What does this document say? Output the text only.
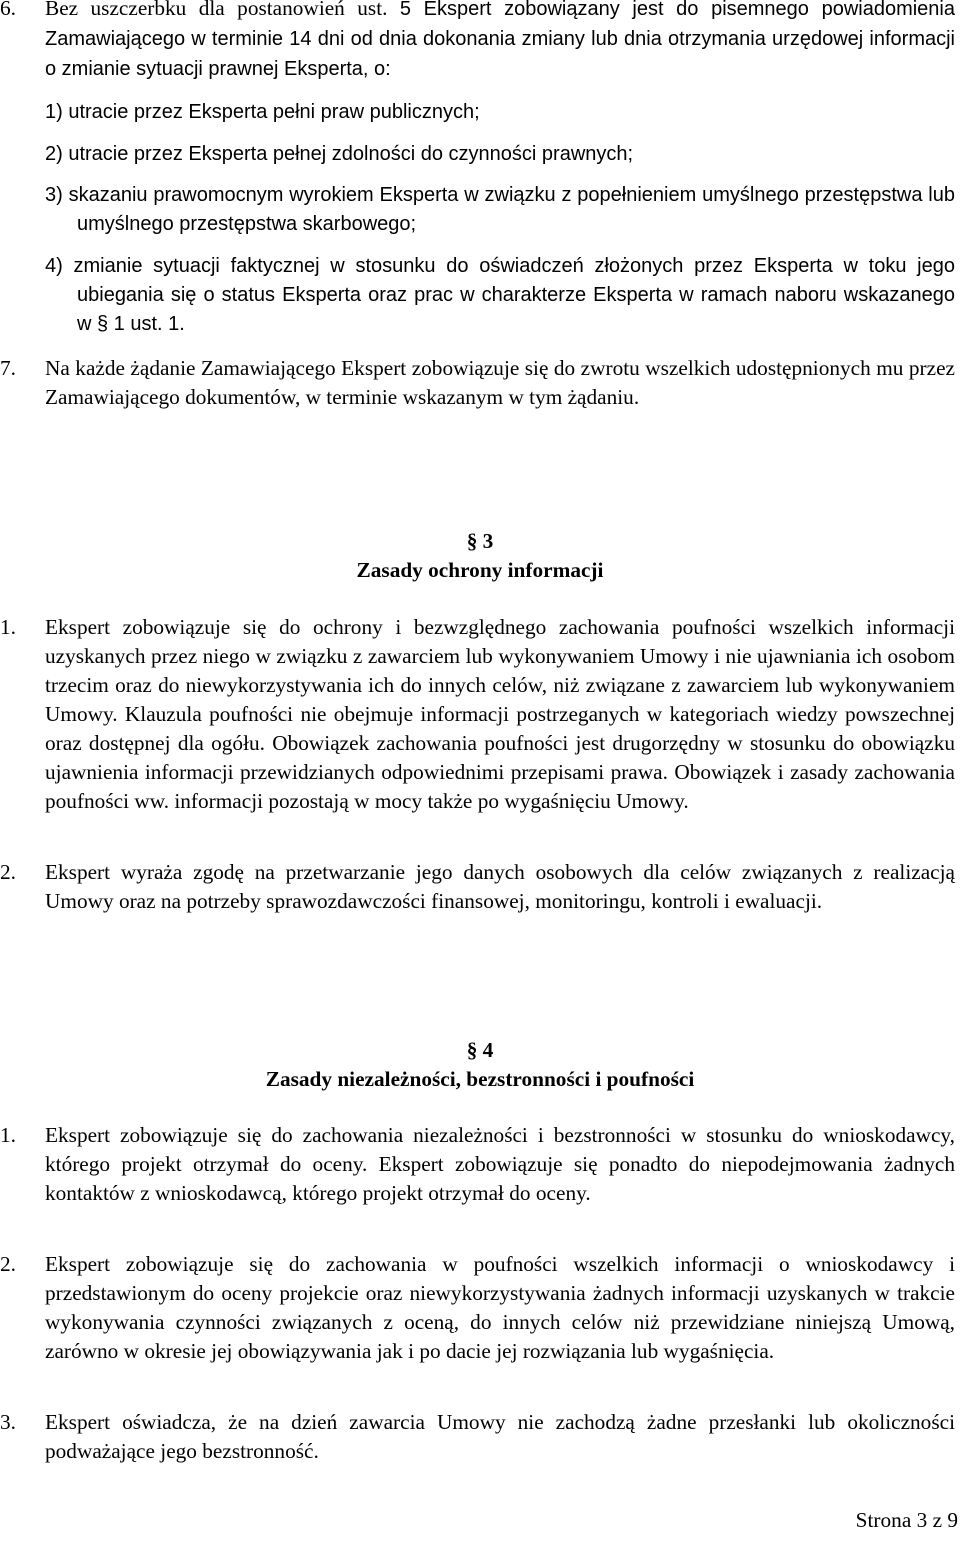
6. Bez uszczerbku dla postanowień ust. 5 Ekspert zobowiązany jest do pisemnego powiadomienia Zamawiającego w terminie 14 dni od dnia dokonania zmiany lub dnia otrzymania urzędowej informacji o zmianie sytuacji prawnej Eksperta, o:
1) utracie przez Eksperta pełni praw publicznych;
2) utracie przez Eksperta pełnej zdolności do czynności prawnych;
3) skazaniu prawomocnym wyrokiem Eksperta w związku z popełnieniem umyślnego przestępstwa lub umyślnego przestępstwa skarbowego;
4) zmianie sytuacji faktycznej w stosunku do oświadczeń złożonych przez Eksperta w toku jego ubiegania się o status Eksperta oraz prac w charakterze Eksperta w ramach naboru wskazanego w § 1 ust. 1.
7. Na każde żądanie Zamawiającego Ekspert zobowiązuje się do zwrotu wszelkich udostępnionych mu przez Zamawiającego dokumentów, w terminie wskazanym w tym żądaniu.
§ 3
Zasady ochrony informacji
1. Ekspert zobowiązuje się do ochrony i bezwzględnego zachowania poufności wszelkich informacji uzyskanych przez niego w związku z zawarciem lub wykonywaniem Umowy i nie ujawniania ich osobom trzecim oraz do niewykorzystywania ich do innych celów, niż związane z zawarciem lub wykonywaniem Umowy. Klauzula poufności nie obejmuje informacji postrzeganych w kategoriach wiedzy powszechnej oraz dostępnej dla ogółu. Obowiązek zachowania poufności jest drugorzędny w stosunku do obowiązku ujawnienia informacji przewidzianych odpowiednimi przepisami prawa. Obowiązek i zasady zachowania poufności ww. informacji pozostają w mocy także po wygaśnięciu Umowy.
2. Ekspert wyraża zgodę na przetwarzanie jego danych osobowych dla celów związanych z realizacją Umowy oraz na potrzeby sprawozdawczości finansowej, monitoringu, kontroli i ewaluacji.
§ 4
Zasady niezależności, bezstronności i poufności
1. Ekspert zobowiązuje się do zachowania niezależności i bezstronności w stosunku do wnioskodawcy, którego projekt otrzymał do oceny. Ekspert zobowiązuje się ponadto do niepodejmowania żadnych kontaktów z wnioskodawcą, którego projekt otrzymał do oceny.
2. Ekspert zobowiązuje się do zachowania w poufności wszelkich informacji o wnioskodawcy i przedstawionym do oceny projekcie oraz niewykorzystywania żadnych informacji uzyskanych w trakcie wykonywania czynności związanych z oceną, do innych celów niż przewidziane niniejszą Umową, zarówno w okresie jej obowiązywania jak i po dacie jej rozwiązania lub wygaśnięcia.
3. Ekspert oświadcza, że na dzień zawarcia Umowy nie zachodzą żadne przesłanki lub okoliczności podważające jego bezstronność.
Strona 3 z 9
